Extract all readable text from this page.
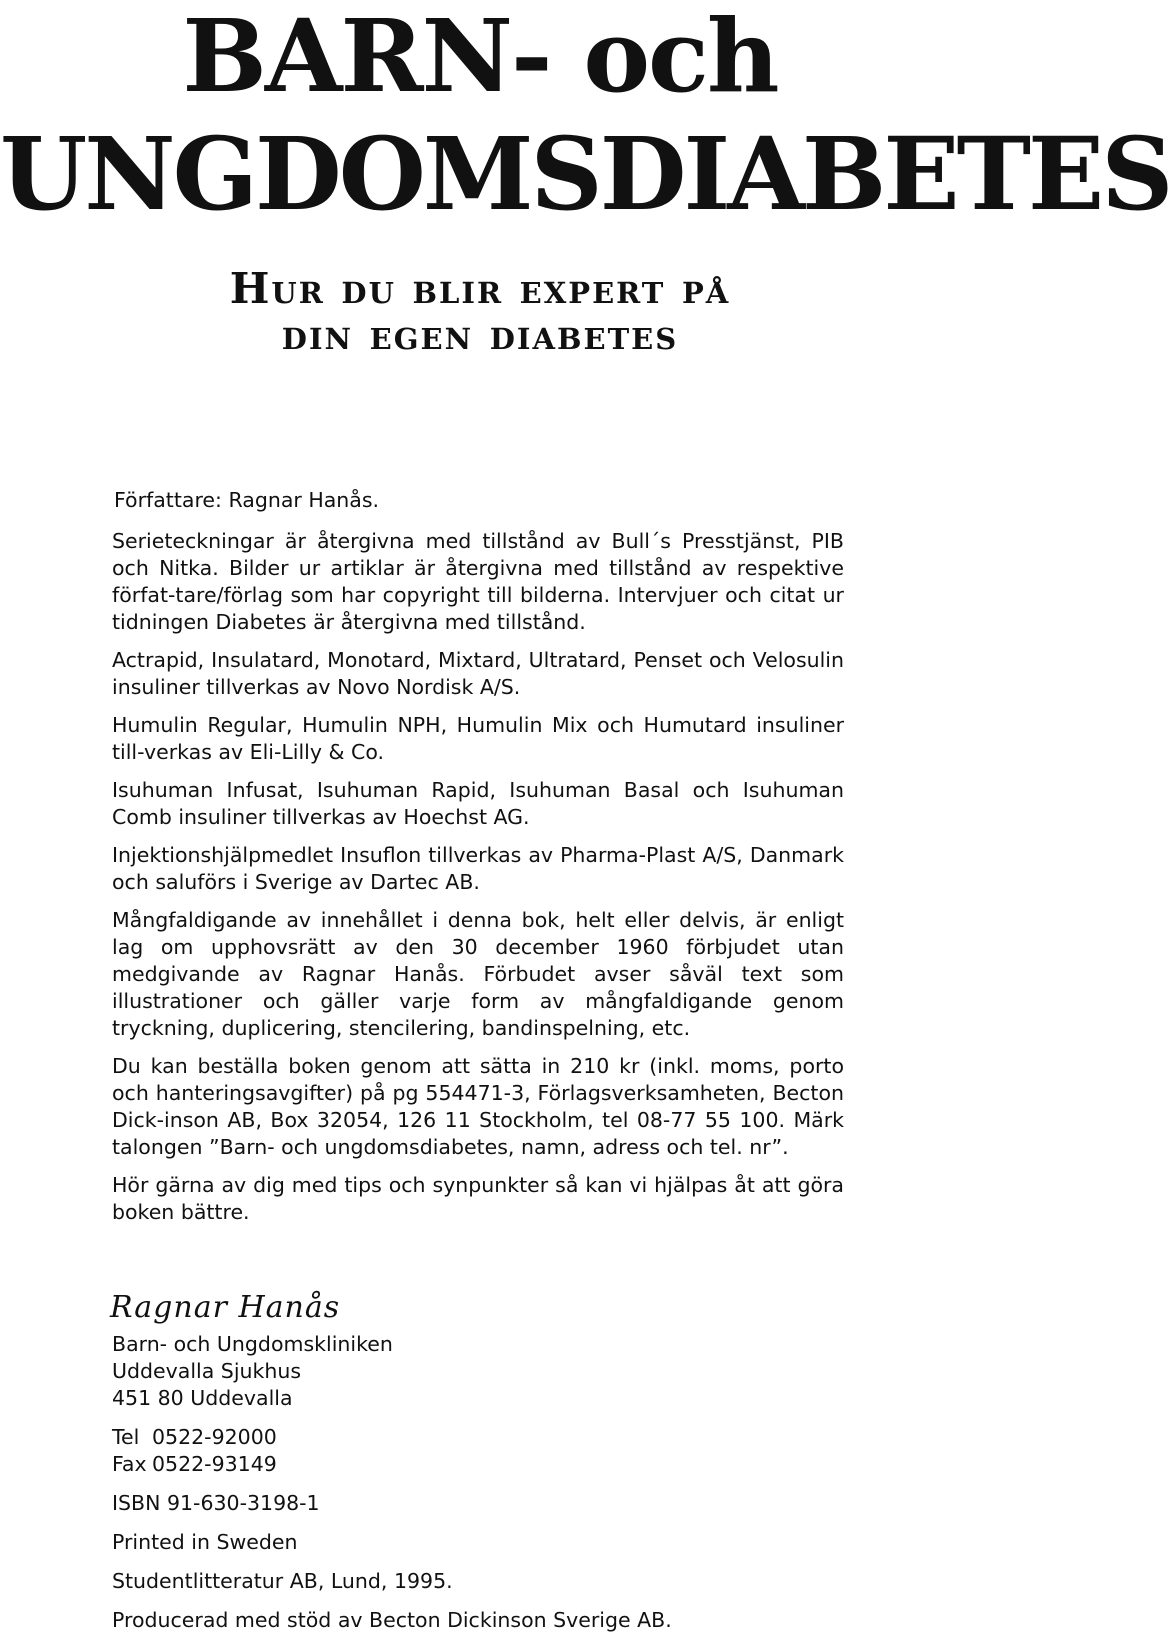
BARN- och
UNGDOMSDIABETES
Hur du blir expert på
din egen diabetes

Författare: Ragnar Hanås.

Serieteckningar är återgivna med tillstånd av Bull´s Presstjänst, PIB och Nitka. Bilder ur artiklar är återgivna med tillstånd av respektive förfat-tare/förlag som har copyright till bilderna. Intervjuer och citat ur tidningen Diabetes är återgivna med tillstånd.

Actrapid, Insulatard, Monotard, Mixtard, Ultratard, Penset och Velosulin insuliner tillverkas av Novo Nordisk A/S.

Humulin Regular, Humulin NPH, Humulin Mix och Humutard insuliner till-verkas av Eli-Lilly & Co.

Isuhuman Infusat, Isuhuman Rapid, Isuhuman Basal och Isuhuman Comb insuliner tillverkas av Hoechst AG.

Injektionshjälpmedlet Insuflon tillverkas av Pharma-Plast A/S, Danmark och saluförs i Sverige av Dartec AB.

Mångfaldigande av innehållet i denna bok, helt eller delvis, är enligt lag om upphovsrätt av den 30 december 1960 förbjudet utan medgivande av Ragnar Hanås. Förbudet avser såväl text som illustrationer och gäller varje form av mångfaldigande genom tryckning, duplicering, stencilering, bandinspelning, etc.

Du kan beställa boken genom att sätta in 210 kr (inkl. moms, porto och hanteringsavgifter) på pg 554471-3, Förlagsverksamheten, Becton Dick-inson AB, Box 32054, 126 11 Stockholm, tel 08-77 55 100. Märk talongen ”Barn- och ungdomsdiabetes, namn, adress och tel. nr”.

Hör gärna av dig med tips och synpunkter så kan vi hjälpas åt att göra boken bättre.

Ragnar Hanås
Barn- och Ungdomskliniken
Uddevalla Sjukhus
451 80 Uddevalla
Tel 0522-92000
Fax 0522-93149
ISBN 91-630-3198-1
Printed in Sweden
Studentlitteratur AB, Lund, 1995.
Producerad med stöd av Becton Dickinson Sverige AB.
